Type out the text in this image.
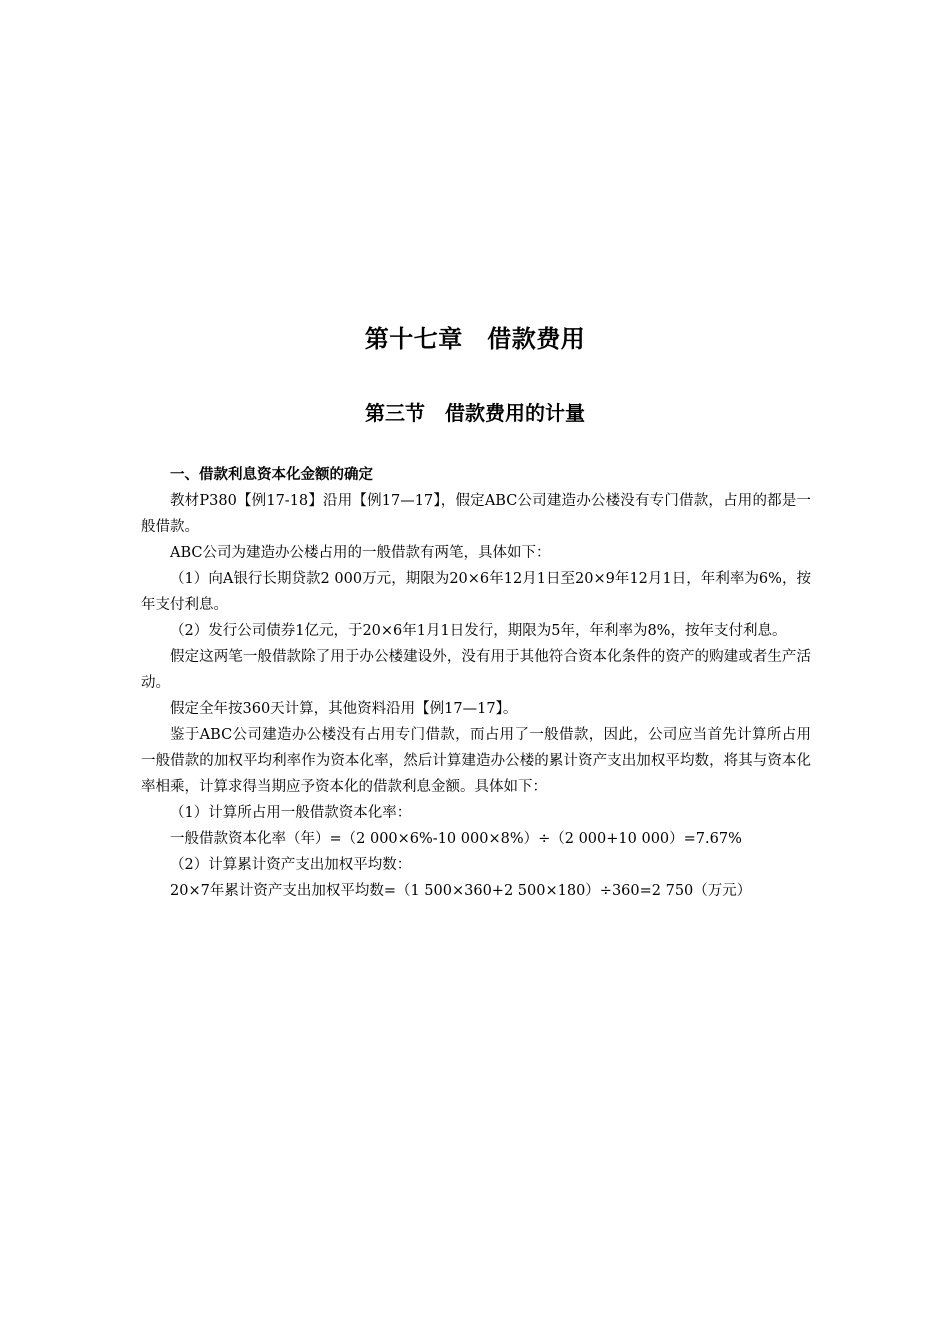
第十七章　借款费用
第三节　借款费用的计量

一、借款利息资本化金额的确定

教材P380【例17-18】沿用【例17—17】，假定ABC公司建造办公楼没有专门借款，占用的都是一般借款。

ABC公司为建造办公楼占用的一般借款有两笔，具体如下：

（1）向A银行长期贷款2 000万元，期限为20×6年12月1日至20×9年12月1日，年利率为6%，按年支付利息。

（2）发行公司债券1亿元，于20×6年1月1日发行，期限为5年，年利率为8%，按年支付利息。

假定这两笔一般借款除了用于办公楼建设外，没有用于其他符合资本化条件的资产的购建或者生产活动。

假定全年按360天计算，其他资料沿用【例17—17】。

鉴于ABC公司建造办公楼没有占用专门借款，而占用了一般借款，因此，公司应当首先计算所占用一般借款的加权平均利率作为资本化率，然后计算建造办公楼的累计资产支出加权平均数，将其与资本化率相乘，计算求得当期应予资本化的借款利息金额。具体如下：

（1）计算所占用一般借款资本化率：

一般借款资本化率（年）=（2 000×6%-10 000×8%）÷（2 000+10 000）=7.67%

（2）计算累计资产支出加权平均数：

20×7年累计资产支出加权平均数=（1 500×360+2 500×180）÷360=2 750（万元）
